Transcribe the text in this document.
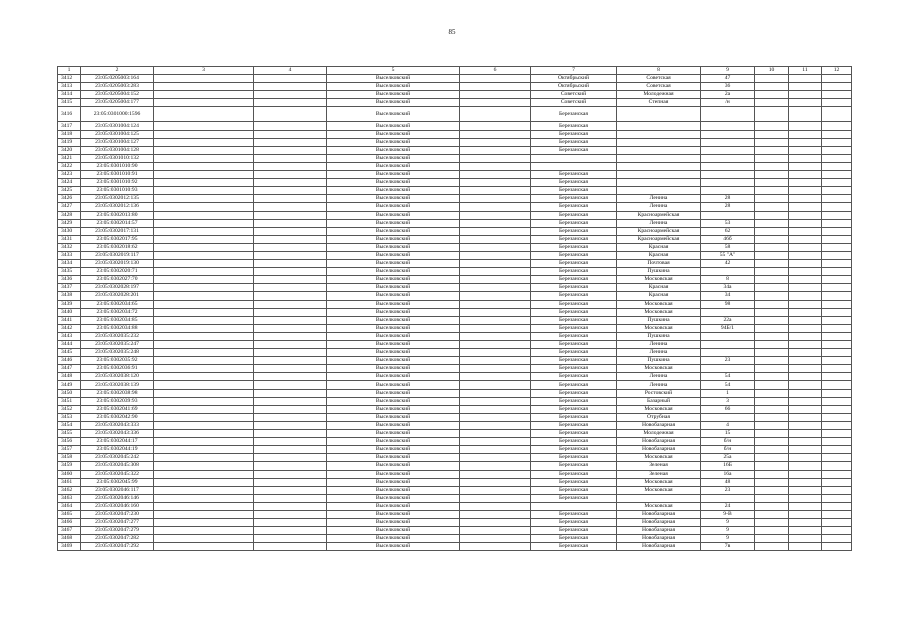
85
1	2	3	4	5	6	7	8	9	10	11	12
3412	23:05:0205003:164			Выселковский		Октябрьский	Советская	47			
3413	23:05:0205003:283			Выселковский		Октябрьский	Советская	36			
3414	23:05:0205004:152			Выселковский		Советский	Молодежная	2а			
3415	23:05:0205004:177			Выселковский		Советский	Степная	/н			
3416	23:05:0301000:1596			Выселковский		Березанская					
3417	23:05:0301004:124			Выселковский		Березанская					
3418	23:05:0301004:125			Выселковский		Березанская					
3419	23:05:0301004:127			Выселковский		Березанская					
3420	23:05:0301004:128			Выселковский		Березанская					
3421	23:05:0301010:132			Выселковский							
3422	23:05:0301010:90			Выселковский							
3423	23:05:0301010:91			Выселковский		Березанская					
3424	23:05:0301010:92			Выселковский		Березанская					
3425	23:05:0301010:93			Выселковский		Березанская					
3426	23:05:0302012:135			Выселковский		Березанская	Ленина	28			
3427	23:05:0302012:136			Выселковский		Березанская	Ленина	28			
3428	23:05:0302013:80			Выселковский		Березанская	Красноармейская				
3429	23:05:0302014:57			Выселковский		Березанская	Ленина	53			
3430	23:05:0302017:131			Выселковский		Березанская	Красноармейская	62			
3431	23:05:0302017:95			Выселковский		Березанская	Красноармейская	46б			
3432	23:05:0302018:62			Выселковский		Березанская	Красная	58			
3433	23:05:0302019:117			Выселковский		Березанская	Красная	55 "А"			
3434	23:05:0302019:130			Выселковский		Березанская	Почтовая	42			
3435	23:05:0302020:71			Выселковский		Березанская	Пушкина				
3436	23:05:0302027:70			Выселковский		Березанская	Московская	8			
3437	23:05:0302028:197			Выселковский		Березанская	Красная	34а			
3438	23:05:0302028:201			Выселковский		Березанская	Красная	34			
3439	23:05:0302034:65			Выселковский		Березанская	Московская	98			
3440	23:05:0302034:72			Выселковский		Березанская	Московская				
3441	23:05:0302034:85			Выселковский		Березанская	Пушкина	22а			
3442	23:05:0302034:88			Выселковский		Березанская	Московская	94Б/1			
3443	23:05:0302035:232			Выселковский		Березанская	Пушкина				
3444	23:05:0302035:247			Выселковский		Березанская	Ленина				
3445	23:05:0302035:248			Выселковский		Березанская	Ленина				
3446	23:05:0302035:92			Выселковский		Березанская	Пушкина	23			
3447	23:05:0302036:91			Выселковский		Березанская	Московская				
3448	23:05:0302038:120			Выселковский		Березанская	Ленина	54			
3449	23:05:0302038:139			Выселковский		Березанская	Ленина	54			
3450	23:05:0302038:98			Выселковский		Березанская	Ростовский	1			
3451	23:05:0302039:93			Выселковский		Березанская	Базарный	3			
3452	23:05:0302041:69			Выселковский		Березанская	Московская	66			
3453	23:05:0302042:90			Выселковский		Березанская	Отрубная				
3454	23:05:0302043:333			Выселковский		Березанская	Новобазарная	4			
3455	23:05:0302043:336			Выселковский		Березанская	Молодежная	15			
3456	23:05:0302044:17			Выселковский		Березанская	Новобазарная	б/н			
3457	23:05:0302044:19			Выселковский		Березанская	Новобазарная	б/н			
3458	23:05:0302045:242			Выселковский		Березанская	Московская	25а			
3459	23:05:0302045:308			Выселковский		Березанская	Зеленая	16Б			
3460	23:05:0302045:322			Выселковский		Березанская	Зеленая	16а			
3461	23:05:0302045:99			Выселковский		Березанская	Московская	48			
3462	23:05:0302046:117			Выселковский		Березанская	Московская	23			
3463	23:05:0302046:146			Выселковский		Березанская					
3464	23:05:0302046:160			Выселковский			Московская	24			
3465	23:05:0302047:230			Выселковский		Березанская	Новобазарная	9-В			
3466	23:05:0302047:277			Выселковский		Березанская	Новобазарная	9			
3467	23:05:0302047:279			Выселковский		Березанская	Новобазарная	9			
3468	23:05:0302047:282			Выселковский		Березанская	Новобазарная	9			
3469	23:05:0302047:292			Выселковский		Березанская	Новобазарная	7в			
